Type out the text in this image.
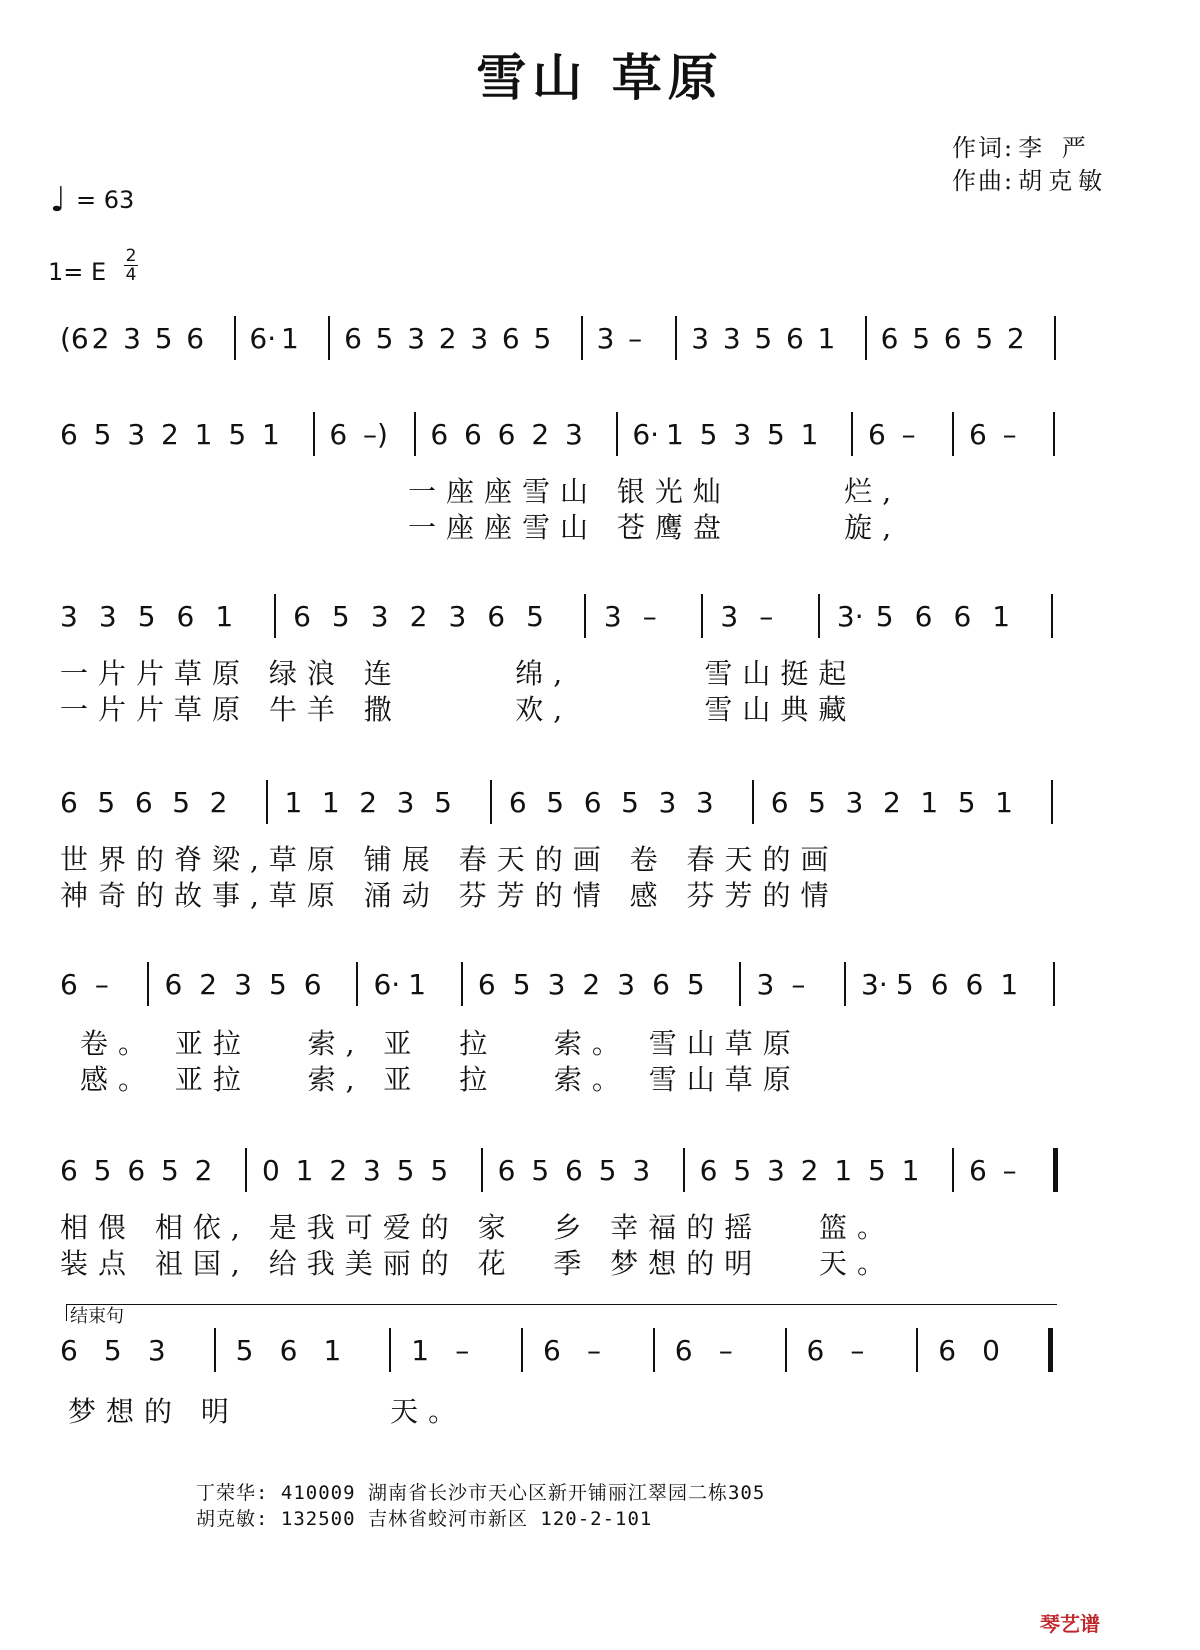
雪山 草原
作词: 李 严
作曲: 胡克敏
♩ = 63
1= E
2
4
(6 2 3 5 6 6· 1 6 5 3 2 3 6 5 3 – 3 3 5 6 1 6 5 6 5 2
6 5 3 2 1 5 1 6 –) 6 6 6 2 3 6· 1 5 3 5 1 6 – 6 –
一座座雪山 银光灿      烂,
一座座雪山 苍鹰盘      旋,
3 3 5 6 1 6 5 3 2 3 6 5 3 – 3 – 3· 5 6 6 1
一片片草原 绿浪 连      绵,       雪山挺起
一片片草原 牛羊 撒      欢,       雪山典藏
6 5 6 5 2 1 1 2 3 5 6 5 6 5 3 3 6 5 3 2 1 5 1
世界的脊梁,草原 铺展 春天的画 卷 春天的画
神奇的故事,草原 涌动 芬芳的情 感 芬芳的情
6 – 6 2 3 5 6 6· 1 6 5 3 2 3 6 5 3 – 3· 5 6 6 1
卷。 亚拉   索, 亚  拉   索。 雪山草原
感。 亚拉   索, 亚  拉   索。 雪山草原
6 5 6 5 2 0 1 2 3 5 5 6 5 6 5 3 6 5 3 2 1 5 1 6 –
相偎 相依, 是我可爱的 家  乡 幸福的摇   篮。
装点 祖国, 给我美丽的 花  季 梦想的明   天。
结束句
6 5 3	5 6 1	1 –	6 –	6 –	6 –	6 0
梦想的 明        天。
丁荣华: 410009 湖南省长沙市天心区新开铺丽江翠园二栋305
胡克敏: 132500 吉林省蛟河市新区 120-2-101
琴艺谱
